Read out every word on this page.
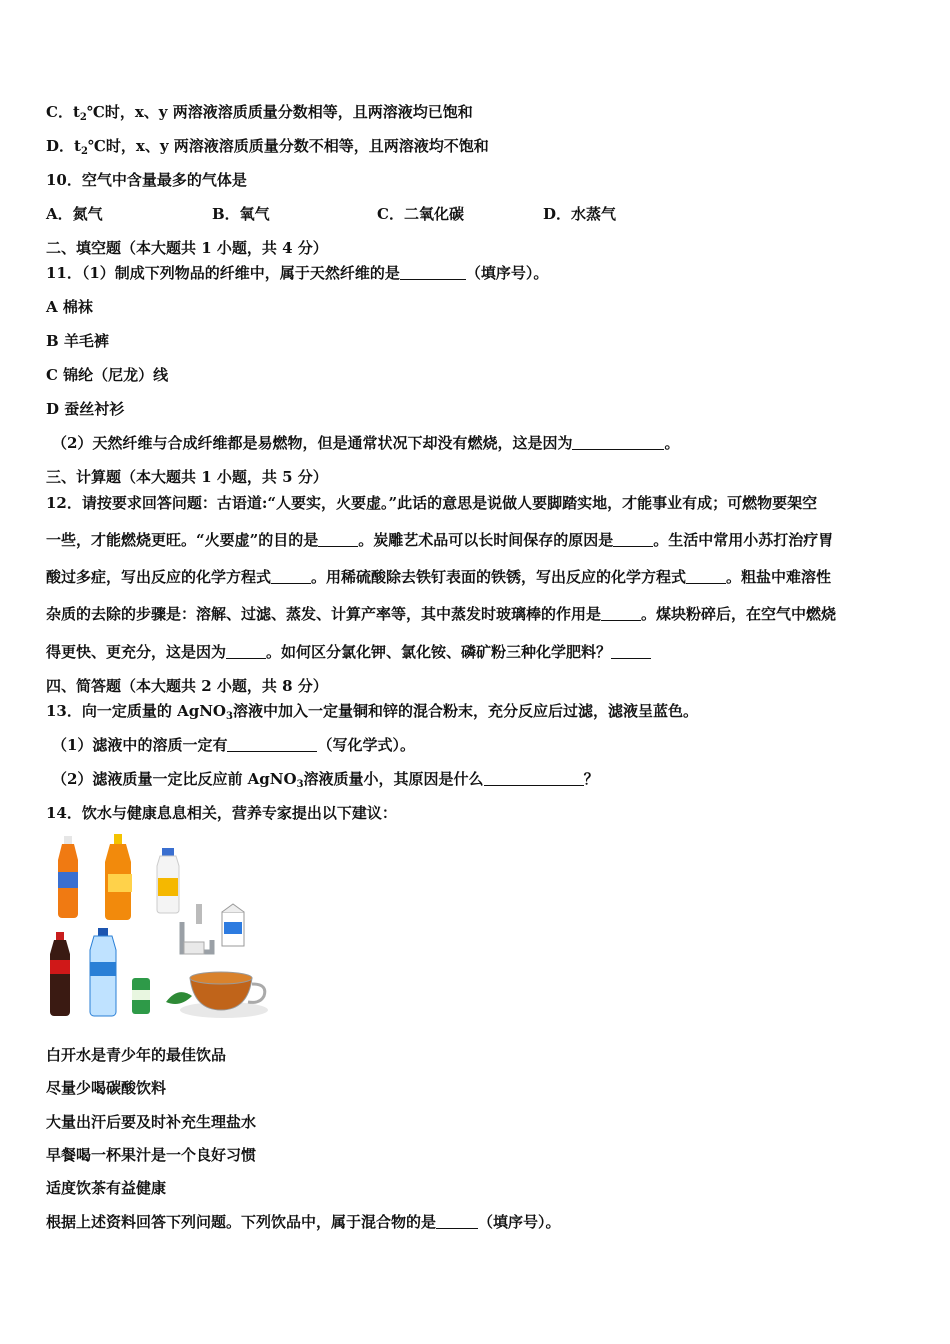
C．$t_2℃$时，x、y 两溶液溶质质量分数相等，且两溶液均已饱和
D．$t_2℃$时，x、y 两溶液溶质质量分数不相等，且两溶液均不饱和
10．空气中含量最多的气体是
A．氮气	B．氧气	C．二氧化碳	D．水蒸气
二、填空题（本大题共 1 小题，共 4 分）
11．（1）制成下列物品的纤维中，属于天然纤维的是	（填序号）。
A 棉袜
B 羊毛裤
C 锦纶（尼龙）线
D 蚕丝衬衫
（2）天然纤维与合成纤维都是易燃物，但是通常状况下却没有燃烧，这是因为	。
三、计算题（本大题共 1 小题，共 5 分）
12．请按要求回答问题：古语道:“人要实，火要虚。”此话的意思是说做人要脚踏实地，才能事业有成；可燃物要架空
一些，才能燃烧更旺。“火要虚”的目的是	。炭雕艺术品可以长时间保存的原因是	。生活中常用小苏打治疗胃
酸过多症，写出反应的化学方程式	。用稀硫酸除去铁钉表面的铁锈，写出反应的化学方程式	。粗盐中难溶性
杂质的去除的步骤是：溶解、过滤、蒸发、计算产率等，其中蒸发时玻璃棒的作用是	。煤块粉碎后，在空气中燃烧
得更快、更充分，这是因为	。如何区分氯化钾、氯化铵、磷矿粉三种化学肥料？
四、简答题（本大题共 2 小题，共 8 分）
13．向一定质量的 AgNO$_3$溶液中加入一定量铜和锌的混合粉末，充分反应后过滤，滤液呈蓝色。
（1）滤液中的溶质一定有	（写化学式）。
（2）滤液质量一定比反应前 AgNO$_3$溶液质量小，其原因是什么	？
14．饮水与健康息息相关，营养专家提出以下建议：
白开水是青少年的最佳饮品
尽量少喝碳酸饮料
大量出汗后要及时补充生理盐水
早餐喝一杯果汁是一个良好习惯
适度饮茶有益健康
根据上述资料回答下列问题。下列饮品中，属于混合物的是	（填序号）。
